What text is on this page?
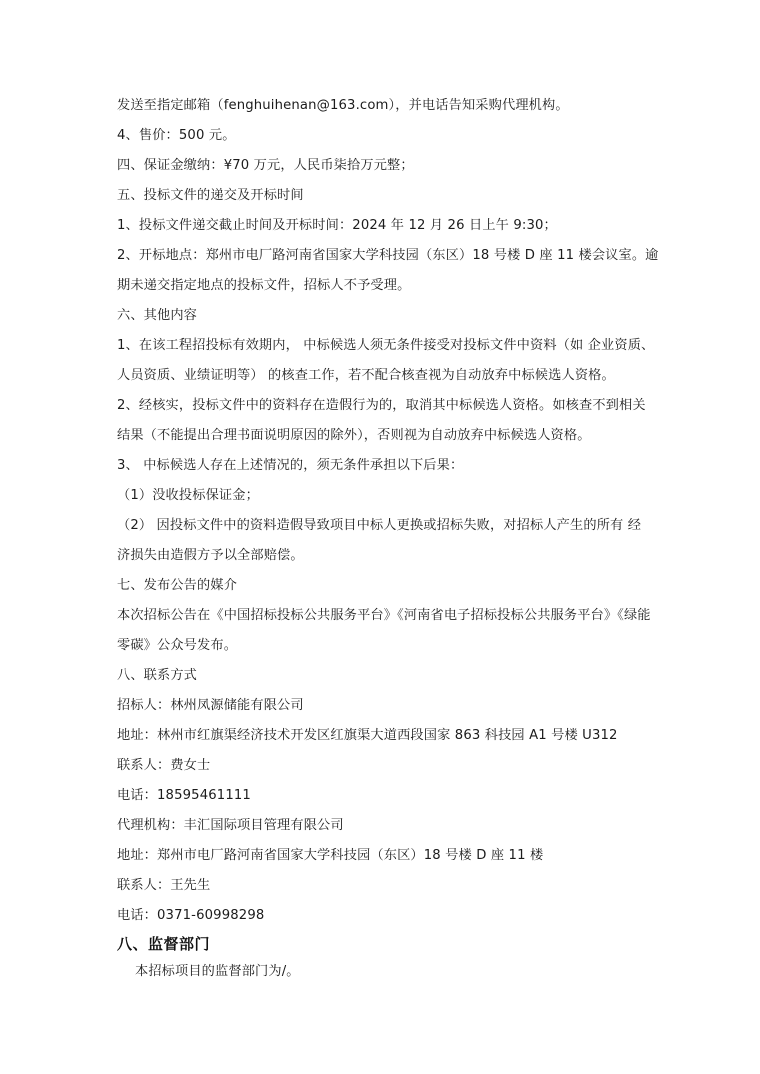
发送至指定邮箱（fenghuihenan@163.com），并电话告知采购代理机构。
4、售价：500 元。
四、保证金缴纳：¥70 万元，人民币柒拾万元整；
五、投标文件的递交及开标时间
1、投标文件递交截止时间及开标时间：2024 年 12 月 26 日上午 9:30；
2、开标地点：郑州市电厂路河南省国家大学科技园（东区）18 号楼 D 座 11 楼会议室。逾
期未递交指定地点的投标文件，招标人不予受理。
六、其他内容
1、在该工程招投标有效期内， 中标候选人须无条件接受对投标文件中资料（如 企业资质、
人员资质、业绩证明等） 的核查工作，若不配合核查视为自动放弃中标候选人资格。
2、经核实，投标文件中的资料存在造假行为的，取消其中标候选人资格。如核查不到相关
结果（不能提出合理书面说明原因的除外），否则视为自动放弃中标候选人资格。
3、 中标候选人存在上述情况的，须无条件承担以下后果：
（1）没收投标保证金；
（2） 因投标文件中的资料造假导致项目中标人更换或招标失败，对招标人产生的所有 经
济损失由造假方予以全部赔偿。
七、发布公告的媒介
本次招标公告在《中国招标投标公共服务平台》《河南省电子招标投标公共服务平台》《绿能
零碳》公众号发布。
八、联系方式
招标人：林州凤源储能有限公司
地址：林州市红旗渠经济技术开发区红旗渠大道西段国家 863 科技园 A1 号楼 U312
联系人：费女士
电话：18595461111
代理机构：丰汇国际项目管理有限公司
地址：郑州市电厂路河南省国家大学科技园（东区）18 号楼 D 座 11 楼
联系人：王先生
电话：0371-60998298
八、监督部门
本招标项目的监督部门为/。
